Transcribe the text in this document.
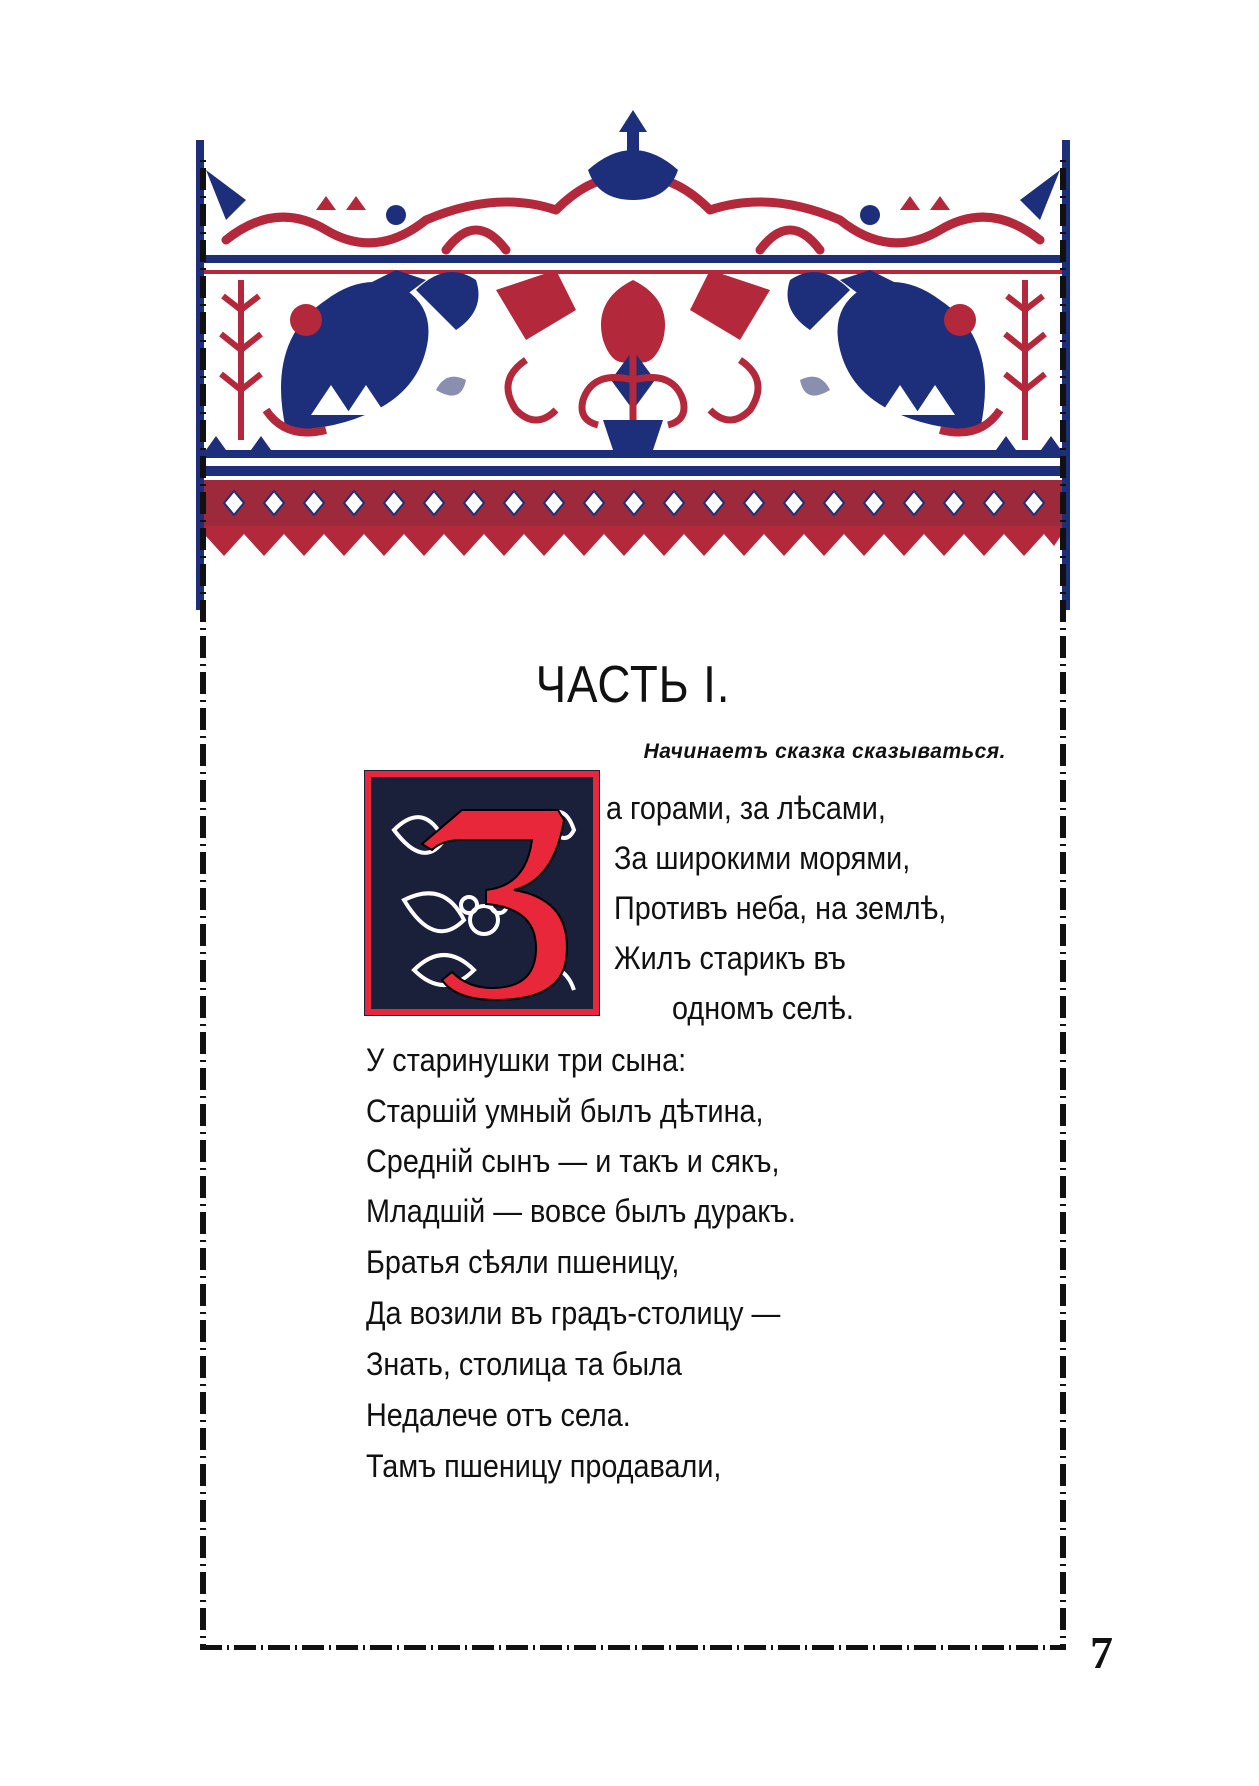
ЧАСТЬ I.
Начинаетъ сказка сказываться.
а горами, за лѣсами,
За широкими морями,
Противъ неба, на землѣ,
Жилъ старикъ въ
одномъ селѣ.
У старинушки три сына:
Старшій умный былъ дѣтина,
Средній сынъ — и такъ и сякъ,
Младшій — вовсе былъ дуракъ.
Братья сѣяли пшеницу,
Да возили въ градъ-столицу —
Знать, столица та была
Недалече отъ села.
Тамъ пшеницу продавали,
7
